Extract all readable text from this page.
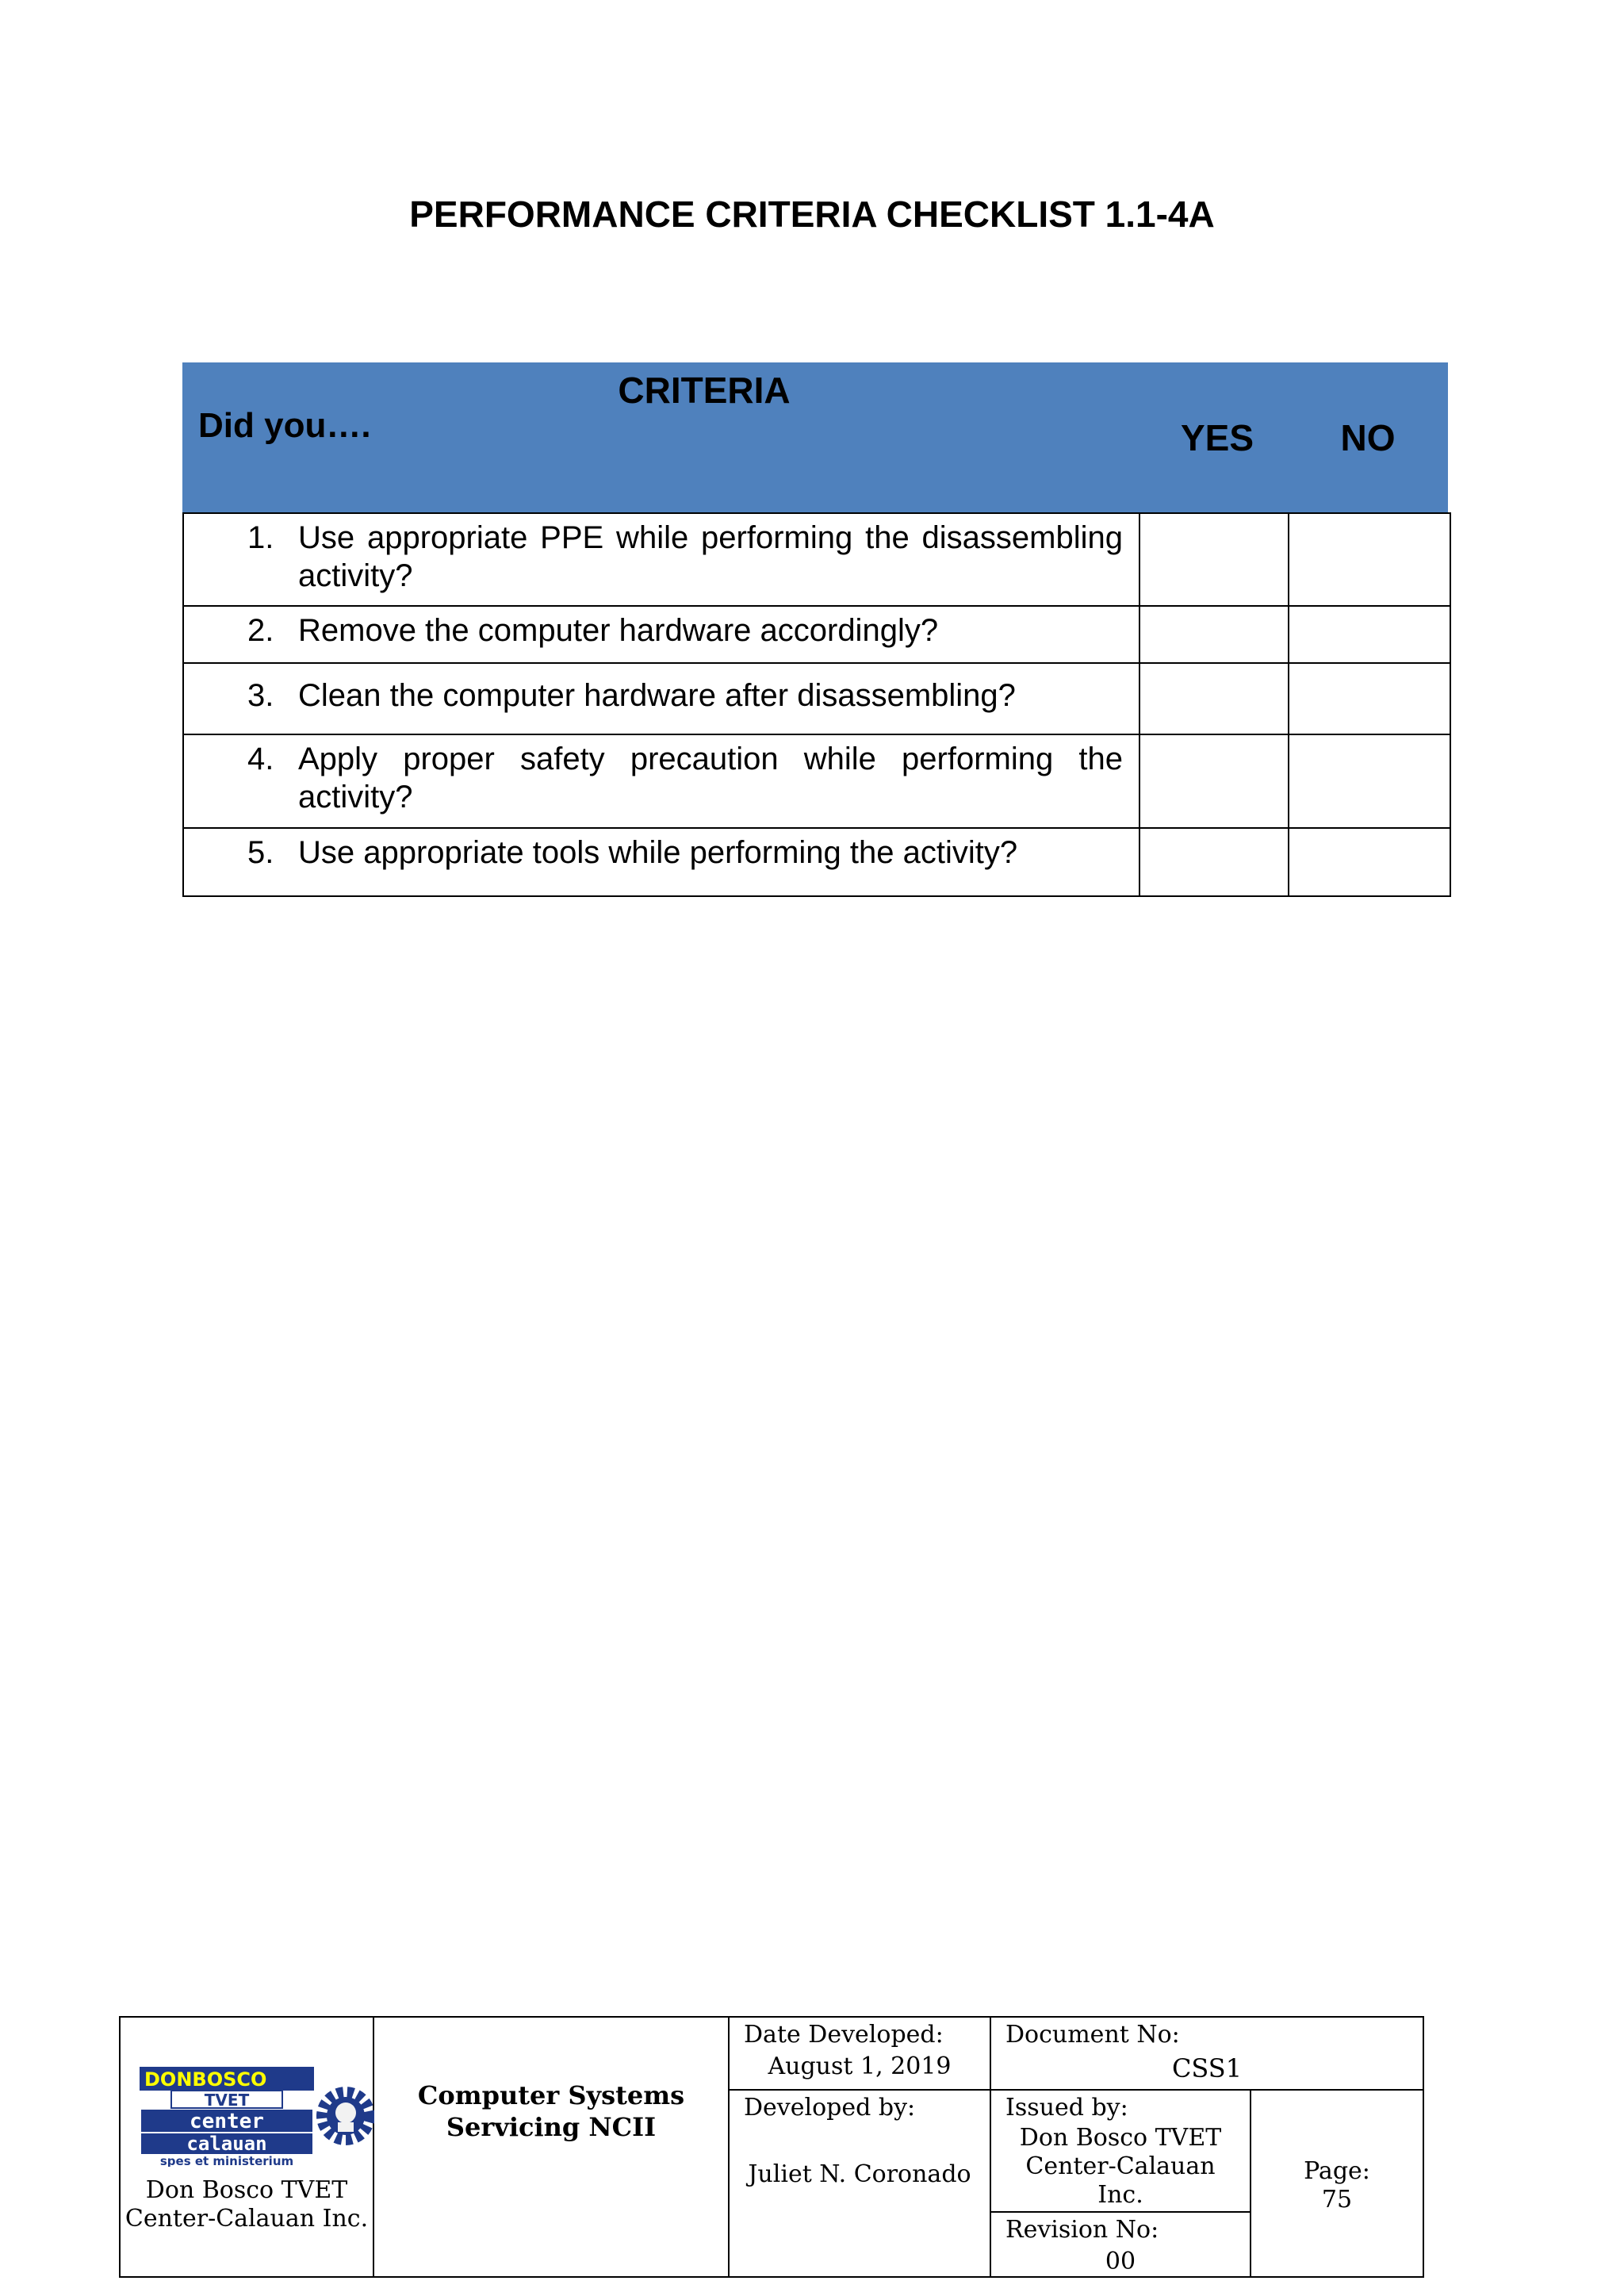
PERFORMANCE CRITERIA CHECKLIST 1.1-4A
CRITERIA
Did you….	YES	NO
1. Use appropriate PPE while performing the disassembling activity?		

2. Remove the computer hardware accordingly?		

3. Clean the computer hardware after disassembling?		

4. Apply proper safety precaution while performing the activity?		

5. Use appropriate tools while performing the activity?		

DONBOSCO
TVET
center
calauan
spes et ministerium
Don Bosco TVET
Center-Calauan Inc.
Computer Systems
Servicing NCII
Date Developed:
August 1, 2019
Developed by:
Juliet N. Coronado
Document No:
CSS1
Issued by:
Don Bosco TVET
Center-Calauan
Inc.
Revision No:
00
Page:
75
